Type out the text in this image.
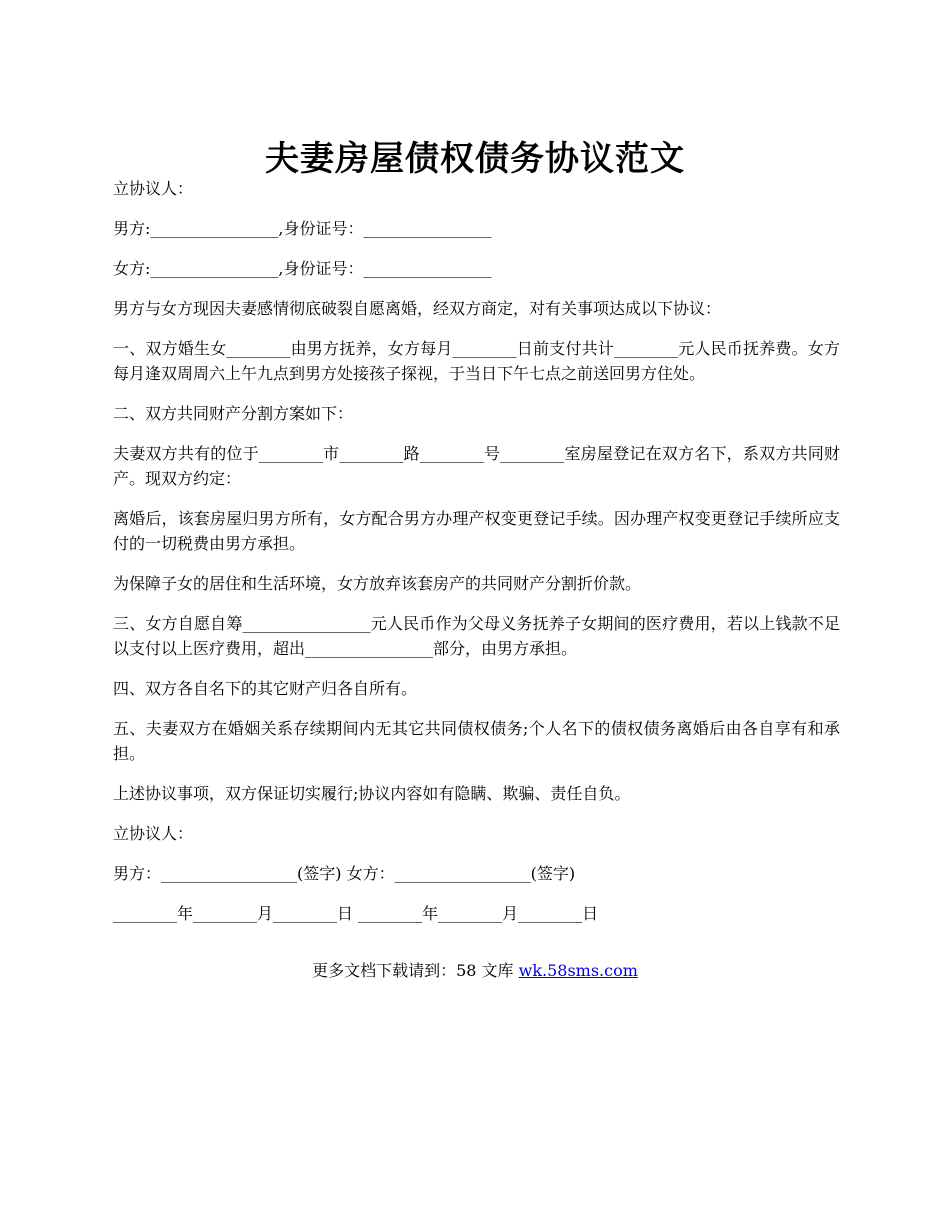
夫妻房屋债权债务协议范文

立协议人：

男方:________________,身份证号：________________

女方:________________,身份证号：________________

男方与女方现因夫妻感情彻底破裂自愿离婚，经双方商定，对有关事项达成以下协议：

一、双方婚生女________由男方抚养，女方每月________日前支付共计________元人民币抚养费。女方每月逢双周周六上午九点到男方处接孩子探视，于当日下午七点之前送回男方住处。

二、双方共同财产分割方案如下：

夫妻双方共有的位于________市________路________号________室房屋登记在双方名下，系双方共同财产。现双方约定：

离婚后，该套房屋归男方所有，女方配合男方办理产权变更登记手续。因办理产权变更登记手续所应支付的一切税费由男方承担。

为保障子女的居住和生活环境，女方放弃该套房产的共同财产分割折价款。

三、女方自愿自筹________________元人民币作为父母义务抚养子女期间的医疗费用，若以上钱款不足以支付以上医疗费用，超出________________部分，由男方承担。

四、双方各自名下的其它财产归各自所有。

五、夫妻双方在婚姻关系存续期间内无其它共同债权债务;个人名下的债权债务离婚后由各自享有和承担。

上述协议事项，双方保证切实履行;协议内容如有隐瞒、欺骗、责任自负。

立协议人：

男方：_________________(签字) 女方：_________________(签字)

________年________月________日 ________年________月________日

更多文档下载请到：58 文库 wk.58sms.com
